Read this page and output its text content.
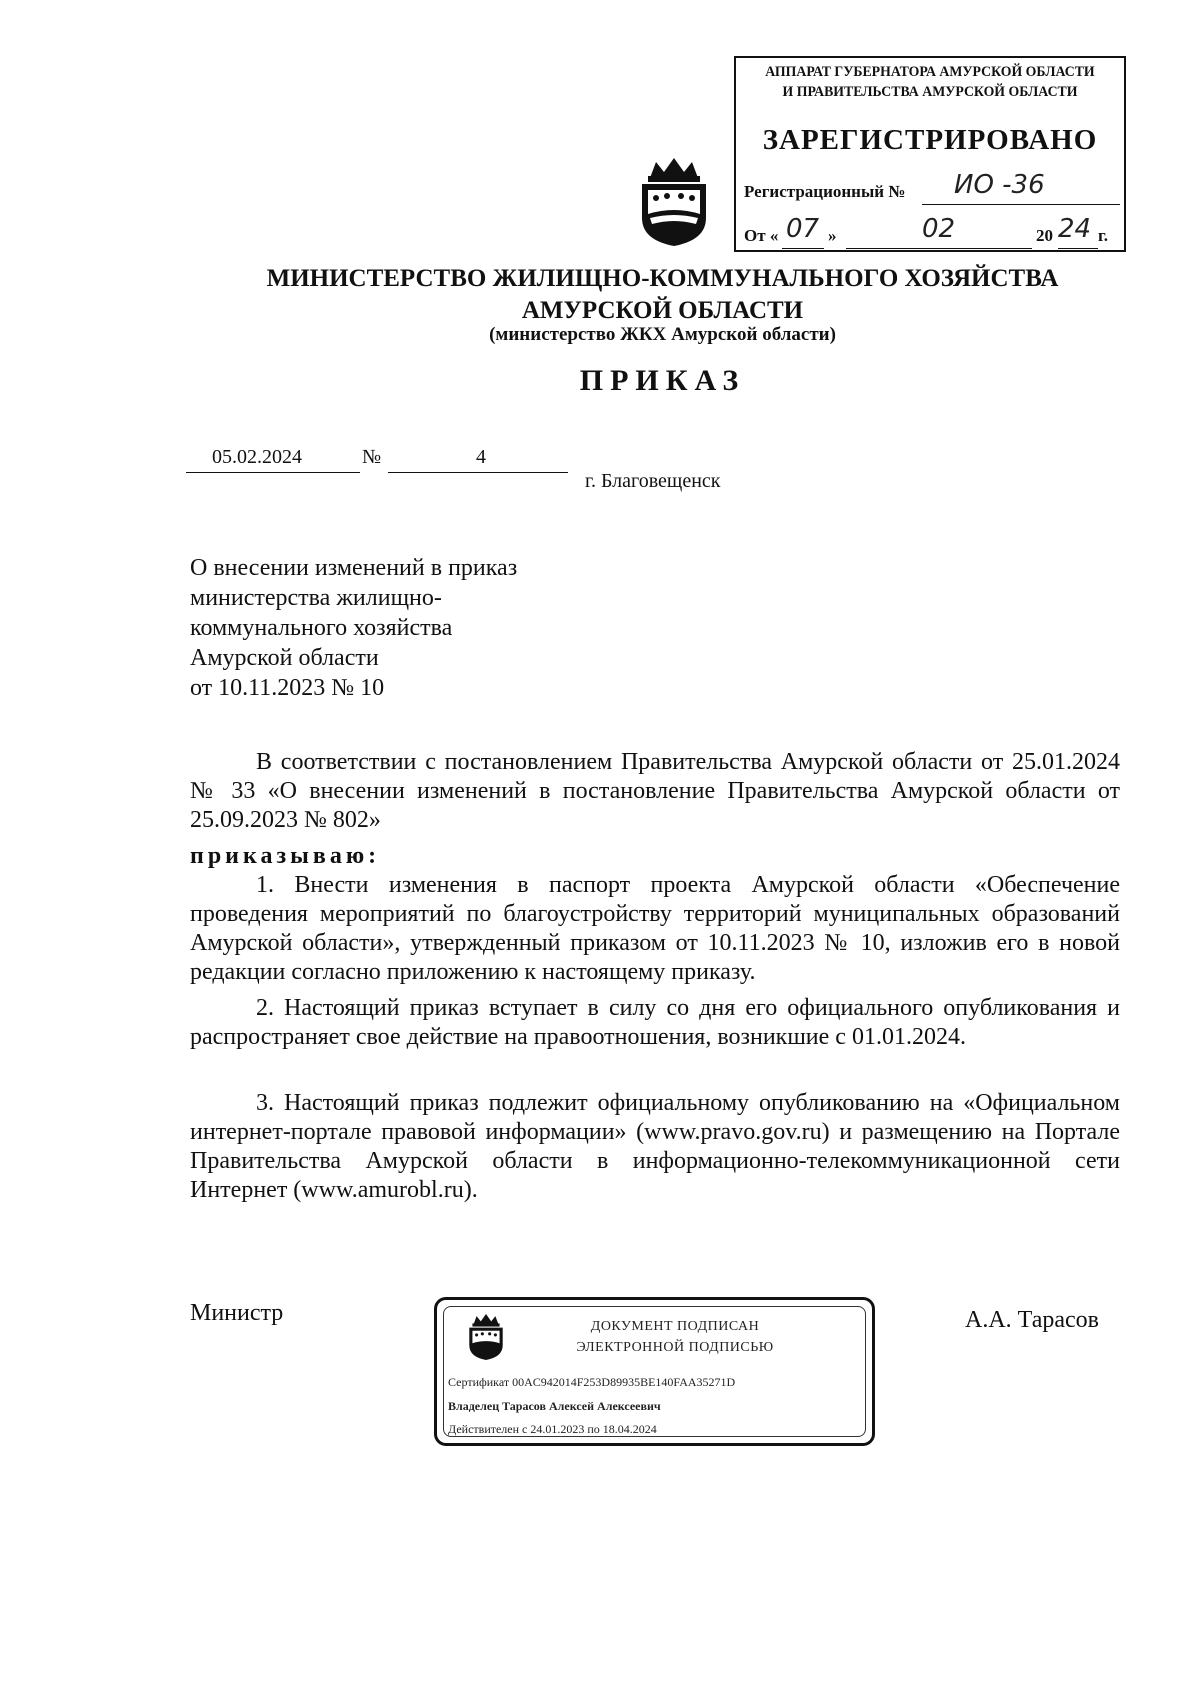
АППАРАТ ГУБЕРНАТОРА АМУРСКОЙ ОБЛАСТИ
И ПРАВИТЕЛЬСТВА АМУРСКОЙ ОБЛАСТИ
ЗАРЕГИСТРИРОВАНО
Регистрационный № ИО -36
От « 07 »	02	20 24 г.
МИНИСТЕРСТВО ЖИЛИЩНО-КОММУНАЛЬНОГО ХОЗЯЙСТВА
АМУРСКОЙ ОБЛАСТИ
(министерство ЖКХ Амурской области)
ПРИКАЗ
05.02.2024	№	4
г. Благовещенск
О внесении изменений в приказ
министерства жилищно-
коммунального хозяйства
Амурской области
от 10.11.2023 № 10
В соответствии с постановлением Правительства Амурской области от 25.01.2024 № 33 «О внесении изменений в постановление Правительства Амурской области от 25.09.2023 № 802»
приказываю:
1. Внести изменения в паспорт проекта Амурской области «Обеспечение проведения мероприятий по благоустройству территорий муниципальных образований Амурской области», утвержденный приказом от 10.11.2023 № 10, изложив его в новой редакции согласно приложению к настоящему приказу.
2. Настоящий приказ вступает в силу со дня его официального опубликования и распространяет свое действие на правоотношения, возникшие с 01.01.2024.
3. Настоящий приказ подлежит официальному опубликованию на «Официальном интернет-портале правовой информации» (www.pravo.gov.ru) и размещению на Портале Правительства Амурской области в информационно-телекоммуникационной сети Интернет (www.amurobl.ru).
Министр	А.А. Тарасов
ДОКУМЕНТ ПОДПИСАН
ЭЛЕКТРОННОЙ ПОДПИСЬЮ
Сертификат 00AC942014F253D89935BE140FAA35271D
Владелец Тарасов Алексей Алексеевич
Действителен с 24.01.2023 по 18.04.2024
